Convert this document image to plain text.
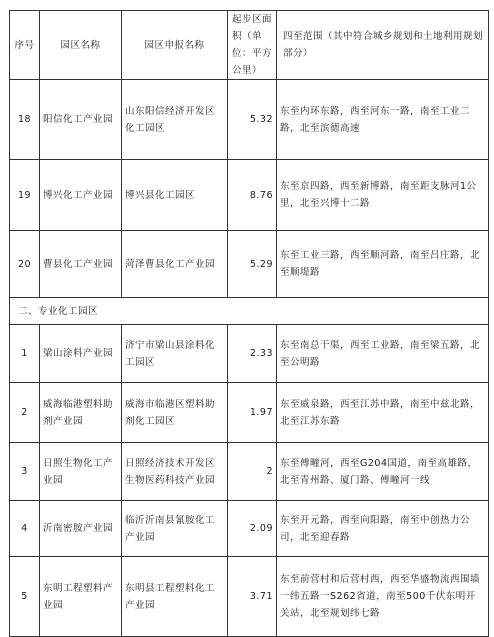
序号	园区名称	园区申报名称	起步区面积（单位：平方公里）	四至范围（其中符合城乡规划和土地利用规划部分）
18	阳信化工产业园	山东阳信经济开发区化工园区	5.32	东至内环东路，西至河东一路，南至工业二路，北至滨德高速
19	博兴化工产业园	博兴县化工园区	8.76	东至京四路，西至新博路，南至距支脉河1公里，北至兴博十二路
20	曹县化工产业园	菏泽曹县化工产业园	5.29	东至工业三路，西至顺河路，南至吕庄路，北至顺堤路
二、专业化工园区				
1	梁山涂料产业园	济宁市梁山县涂料化工园区	2.33	东至南总干渠，西至工业路，南至梁五路，北至公明路
2	威海临港塑料助剂产业园	威海市临港区塑料助剂化工园区	1.97	东至威泉路，西至江苏中路，南至中兹北路，北至江苏东路
3	日照生物化工产业园	日照经济技术开发区生物医药科技产业园	2	东至傅疃河，西至G204国道，南至高雄路，北至青州路、厦门路、傅疃河一线
4	沂南密胺产业园	临沂沂南县氰胺化工产业园	2.09	东至开元路，西至向阳路，南至中创热力公司，北至迎春路
5	东明工程塑料产业园	东明县工程塑料化工产业园	3.71	东至前营村和后营村西，西至华盛物流西围墙一纬五路一S262省道，南至500千伏东明开关站，北至规划纬七路
